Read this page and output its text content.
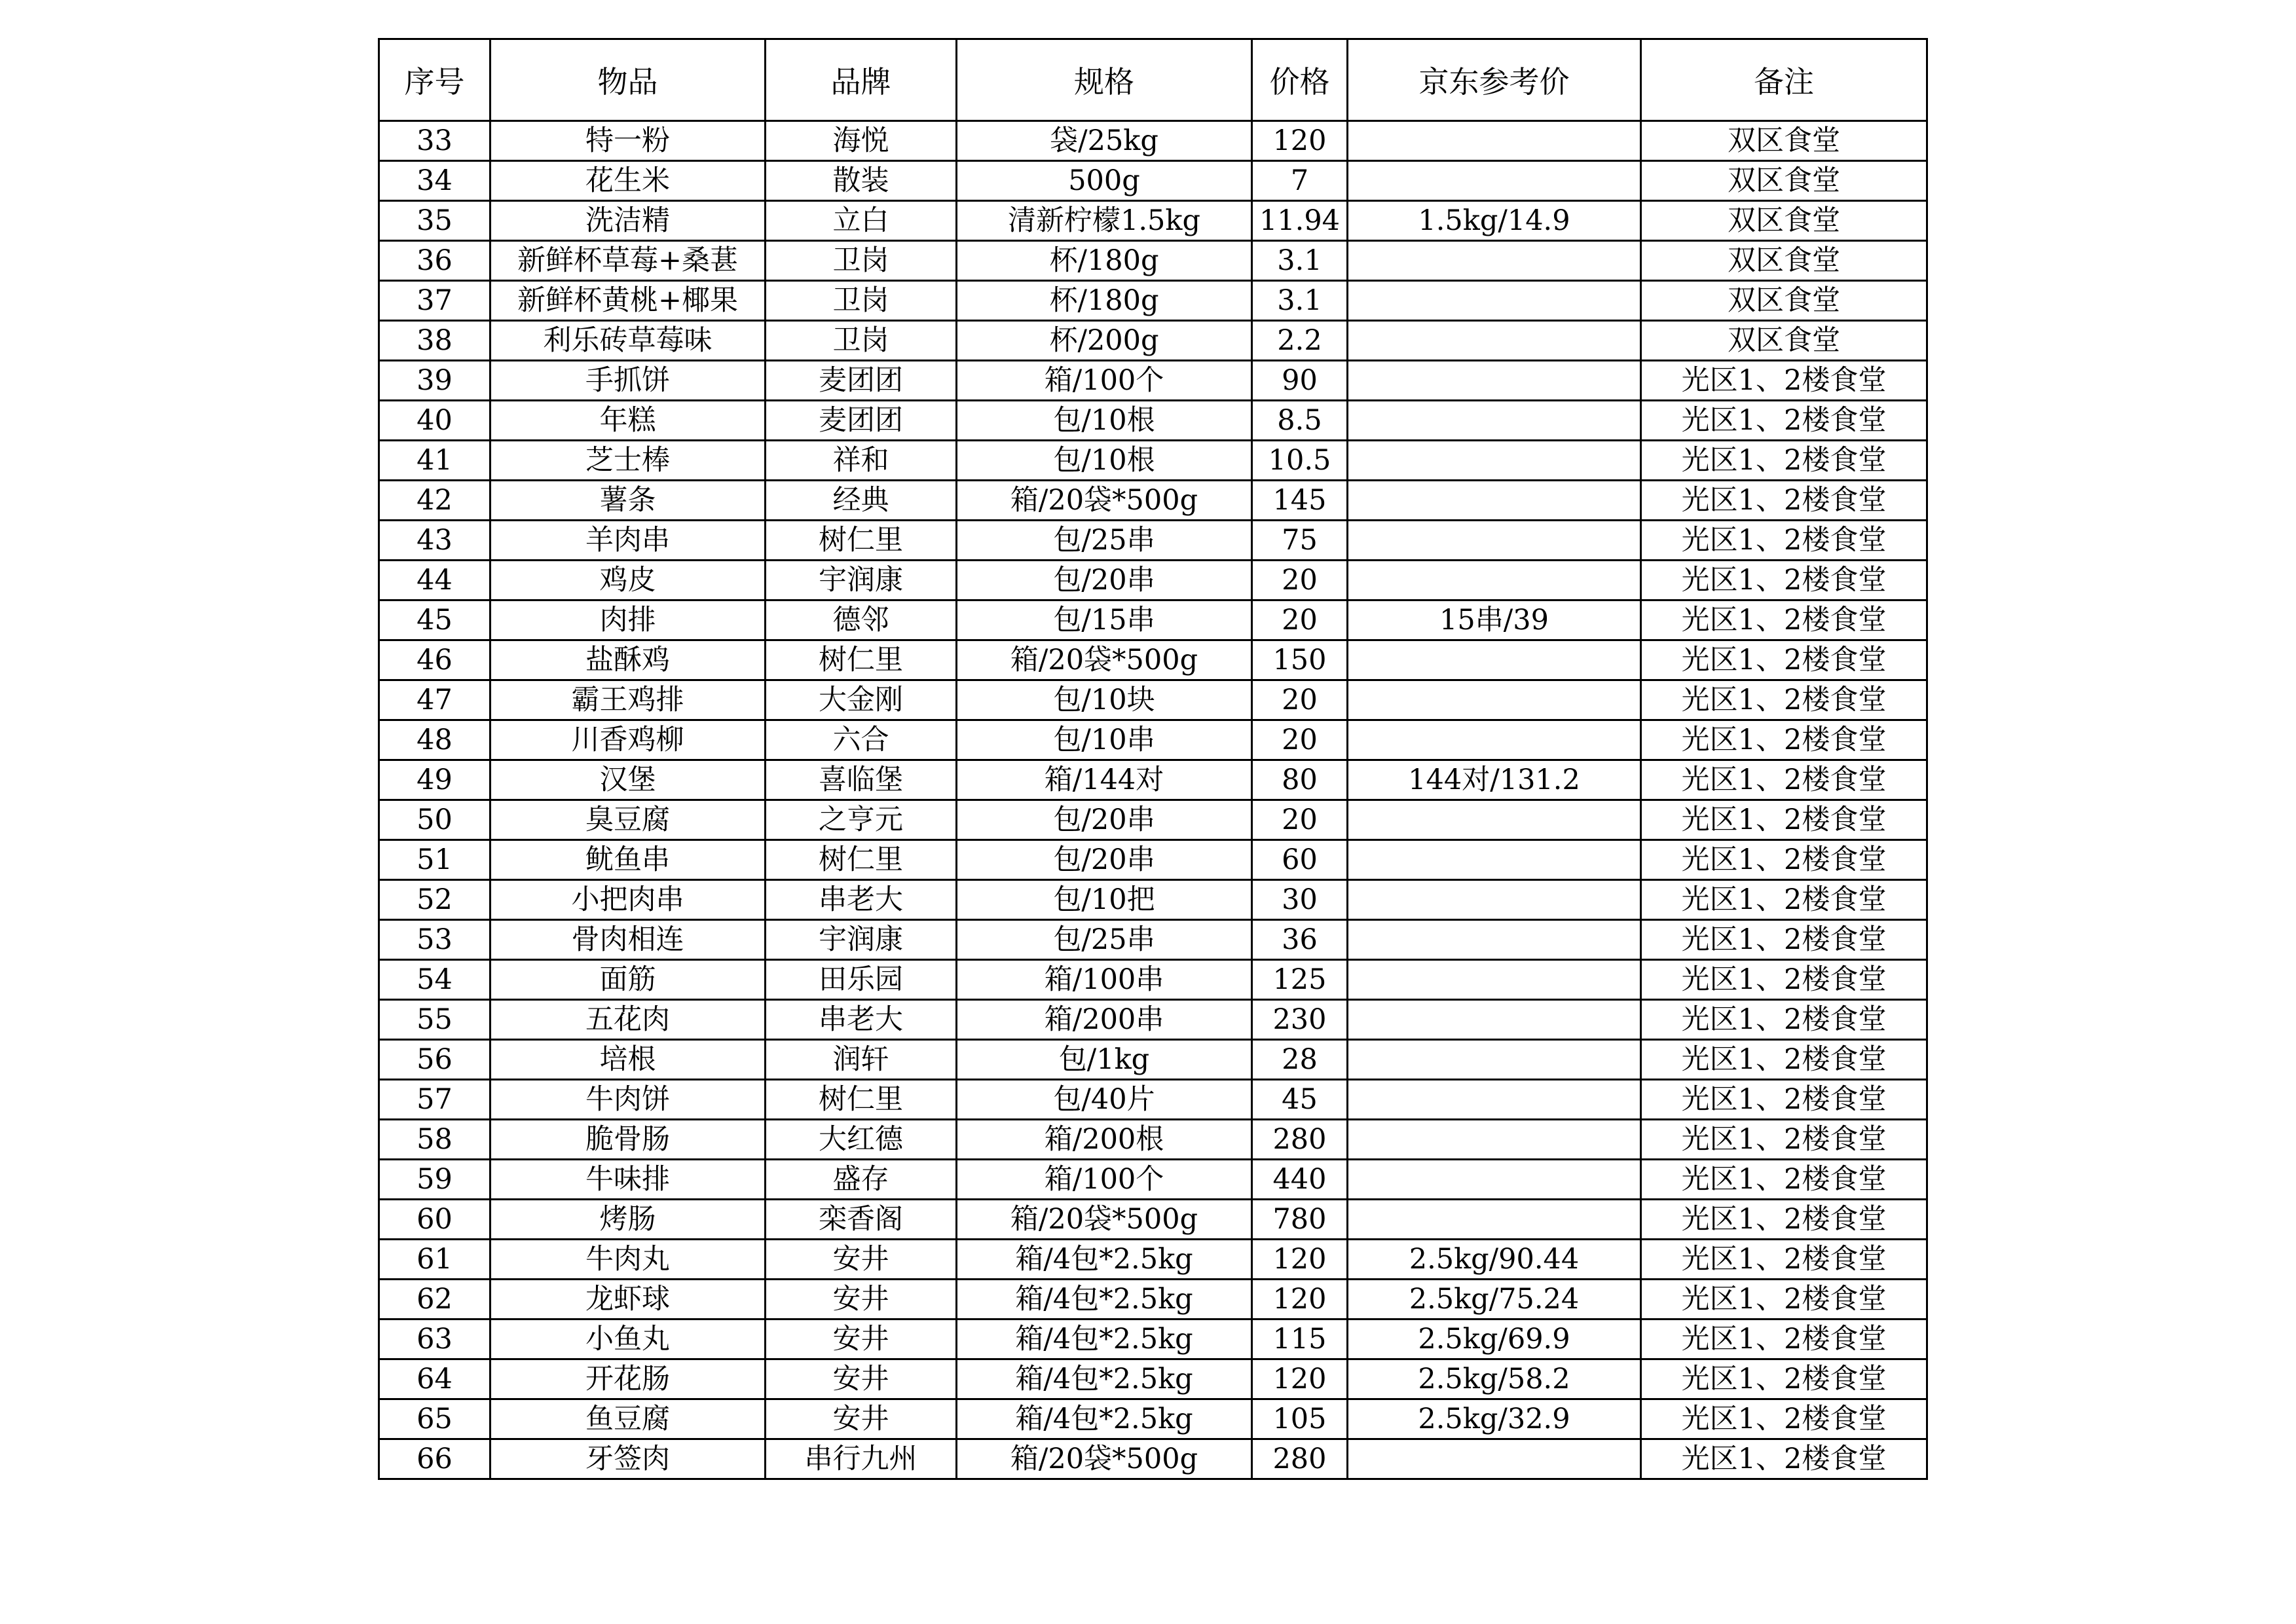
序号	物品	品牌	规格	价格	京东参考价	备注
33	特一粉	海悦	袋/25kg	120		双区食堂
34	花生米	散装	500g	7		双区食堂
35	洗洁精	立白	清新柠檬1.5kg	11.94	1.5kg/14.9	双区食堂
36	新鲜杯草莓+桑葚	卫岗	杯/180g	3.1		双区食堂
37	新鲜杯黄桃+椰果	卫岗	杯/180g	3.1		双区食堂
38	利乐砖草莓味	卫岗	杯/200g	2.2		双区食堂
39	手抓饼	麦团团	箱/100个	90		光区1、2楼食堂
40	年糕	麦团团	包/10根	8.5		光区1、2楼食堂
41	芝士棒	祥和	包/10根	10.5		光区1、2楼食堂
42	薯条	经典	箱/20袋*500g	145		光区1、2楼食堂
43	羊肉串	树仁里	包/25串	75		光区1、2楼食堂
44	鸡皮	宇润康	包/20串	20		光区1、2楼食堂
45	肉排	德邻	包/15串	20	15串/39	光区1、2楼食堂
46	盐酥鸡	树仁里	箱/20袋*500g	150		光区1、2楼食堂
47	霸王鸡排	大金刚	包/10块	20		光区1、2楼食堂
48	川香鸡柳	六合	包/10串	20		光区1、2楼食堂
49	汉堡	喜临堡	箱/144对	80	144对/131.2	光区1、2楼食堂
50	臭豆腐	之亨元	包/20串	20		光区1、2楼食堂
51	鱿鱼串	树仁里	包/20串	60		光区1、2楼食堂
52	小把肉串	串老大	包/10把	30		光区1、2楼食堂
53	骨肉相连	宇润康	包/25串	36		光区1、2楼食堂
54	面筋	田乐园	箱/100串	125		光区1、2楼食堂
55	五花肉	串老大	箱/200串	230		光区1、2楼食堂
56	培根	润轩	包/1kg	28		光区1、2楼食堂
57	牛肉饼	树仁里	包/40片	45		光区1、2楼食堂
58	脆骨肠	大红德	箱/200根	280		光区1、2楼食堂
59	牛味排	盛存	箱/100个	440		光区1、2楼食堂
60	烤肠	栾香阁	箱/20袋*500g	780		光区1、2楼食堂
61	牛肉丸	安井	箱/4包*2.5kg	120	2.5kg/90.44	光区1、2楼食堂
62	龙虾球	安井	箱/4包*2.5kg	120	2.5kg/75.24	光区1、2楼食堂
63	小鱼丸	安井	箱/4包*2.5kg	115	2.5kg/69.9	光区1、2楼食堂
64	开花肠	安井	箱/4包*2.5kg	120	2.5kg/58.2	光区1、2楼食堂
65	鱼豆腐	安井	箱/4包*2.5kg	105	2.5kg/32.9	光区1、2楼食堂
66	牙签肉	串行九州	箱/20袋*500g	280		光区1、2楼食堂
